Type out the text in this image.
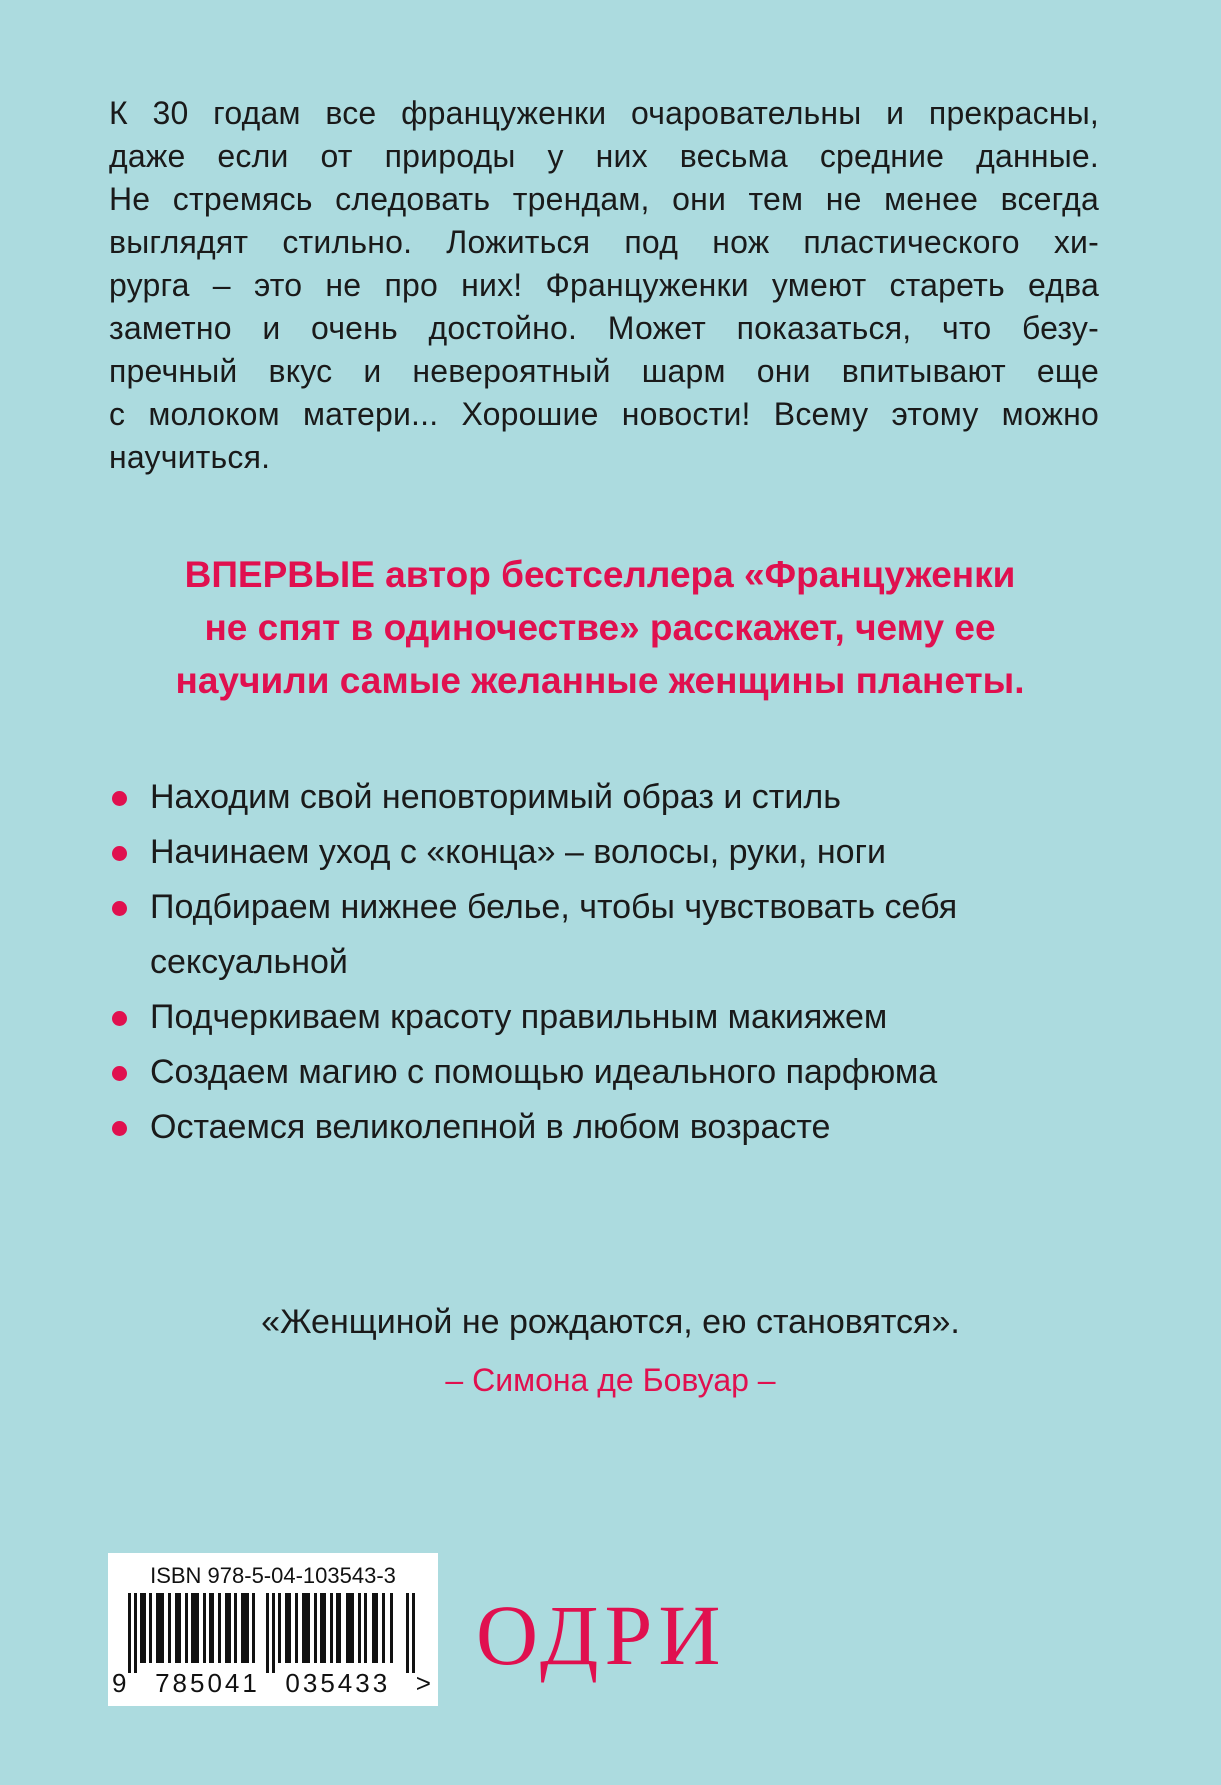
К 30 годам все француженки очаровательны и прекрасны,
даже если от природы у них весьма средние данные.
Не стремясь следовать трендам, они тем не менее всегда
выглядят стильно. Ложиться под нож пластического хи-
рурга – это не про них! Француженки умеют стареть едва
заметно и очень достойно. Может показаться, что безу-
пречный вкус и невероятный шарм они впитывают еще
с молоком матери... Хорошие новости! Всему этому можно
научиться.
ВПЕРВЫЕ автор бестселлера «Француженки
не спят в одиночестве» расскажет, чему ее
научили самые желанные женщины планеты.
Находим свой неповторимый образ и стиль
Начинаем уход с «конца» – волосы, руки, ноги
Подбираем нижнее белье, чтобы чувствовать себя сексуальной
Подчеркиваем красоту правильным макияжем
Создаем магию с помощью идеального парфюма
Остаемся великолепной в любом возрасте
«Женщиной не рождаются, ею становятся».
– Симона де Бовуар –
ISBN 978-5-04-103543-3
9 785041 035433 > ОДРИ
